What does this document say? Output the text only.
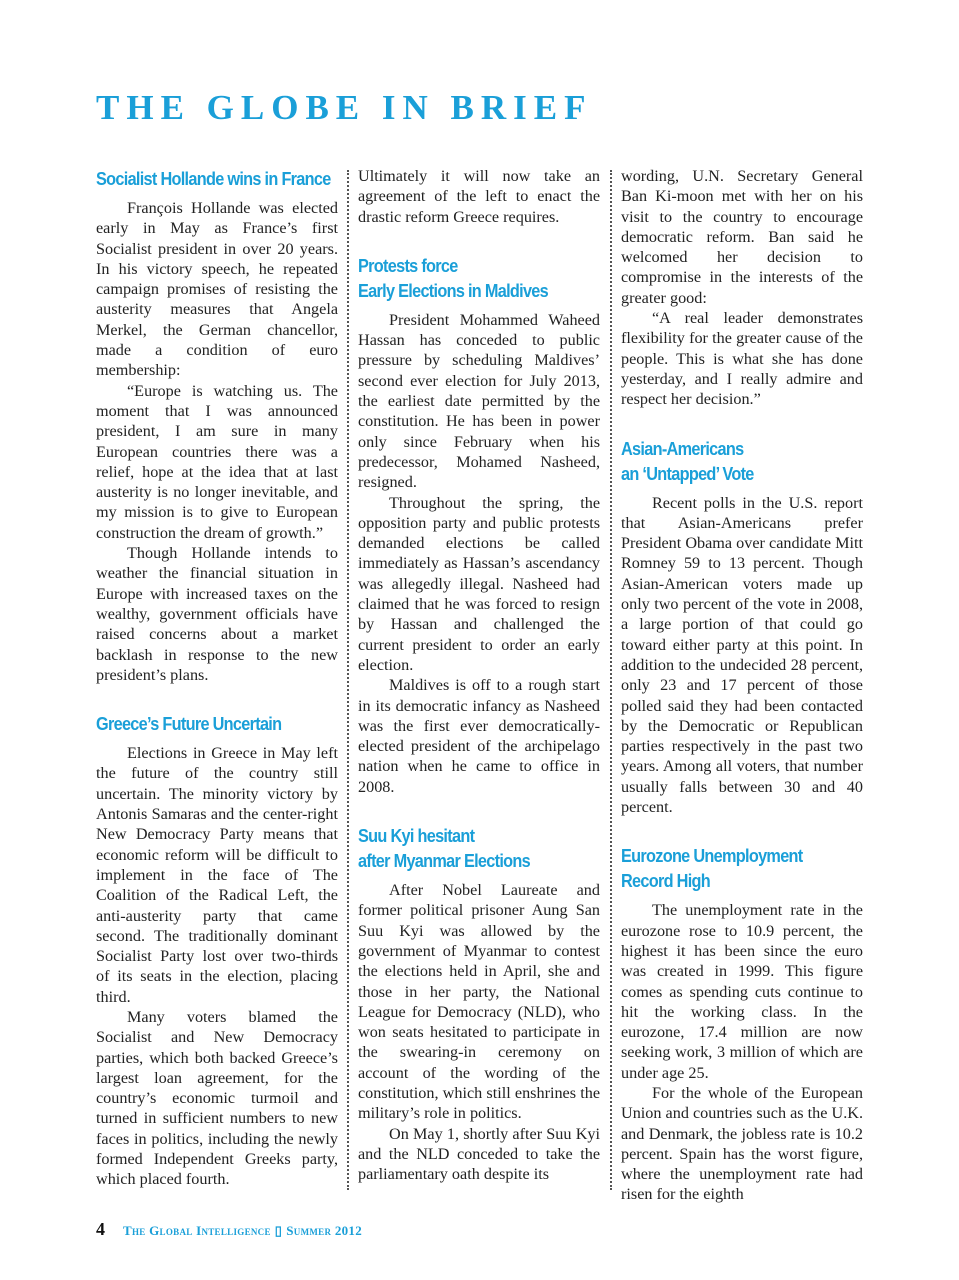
THE GLOBE IN BRIEF
Socialist Hollande wins in France

François Hollande was elected early in May as France’s first Socialist president in over 20 years. In his victory speech, he repeated campaign promises of resisting the austerity measures that Angela Merkel, the German chancellor, made a condition of euro membership:

“Europe is watching us. The moment that I was announced president, I am sure in many European countries there was a relief, hope at the idea that at last austerity is no longer inevitable, and my mission is to give to European construction the dream of growth.”

Though Hollande intends to weather the financial situation in Europe with increased taxes on the wealthy, government officials have raised concerns about a market backlash in response to the new president’s plans.

Greece’s Future Uncertain

Elections in Greece in May left the future of the country still uncertain. The minority victory by Antonis Samaras and the center-right New Democracy Party means that economic reform will be difficult to implement in the face of The Coalition of the Radical Left, the anti-austerity party that came second. The traditionally dominant Socialist Party lost over two-thirds of its seats in the election, placing third.

Many voters blamed the Socialist and New Democracy parties, which both backed Greece’s largest loan agreement, for the country’s economic turmoil and turned in sufficient numbers to new faces in politics, including the newly formed Independent Greeks party, which placed fourth.

Ultimately it will now take an agreement of the left to enact the drastic reform Greece requires.

Protests force
Early Elections in Maldives

President Mohammed Waheed Hassan has conceded to public pressure by scheduling Maldives’ second ever election for July 2013, the earliest date permitted by the constitution. He has been in power only since February when his predecessor, Mohamed Nasheed, resigned.

Throughout the spring, the opposition party and public protests demanded elections be called immediately as Hassan’s ascendancy was allegedly illegal. Nasheed had claimed that he was forced to resign by Hassan and challenged the current president to order an early election.

Maldives is off to a rough start in its democratic infancy as Nasheed was the first ever democratically-elected president of the archipelago nation when he came to office in 2008.

Suu Kyi hesitant
after Myanmar Elections

After Nobel Laureate and former political prisoner Aung San Suu Kyi was allowed by the government of Myanmar to contest the elections held in April, she and those in her party, the National League for Democracy (NLD), who won seats hesitated to participate in the swearing-in ceremony on account of the wording of the constitution, which still enshrines the military’s role in politics.

On May 1, shortly after Suu Kyi and the NLD conceded to take the parliamentary oath despite its

wording, U.N. Secretary General Ban Ki-moon met with her on his visit to the country to encourage democratic reform. Ban said he welcomed her decision to compromise in the interests of the greater good:

“A real leader demonstrates flexibility for the greater cause of the people. This is what she has done yesterday, and I really admire and respect her decision.”

Asian-Americans
an ‘Untapped’ Vote

Recent polls in the U.S. report that Asian-Americans prefer President Obama over candidate Mitt Romney 59 to 13 percent. Though Asian-American voters made up only two percent of the vote in 2008, a large portion of that could go toward either party at this point. In addition to the undecided 28 percent, only 23 and 17 percent of those polled said they had been contacted by the Democratic or Republican parties respectively in the past two years. Among all voters, that number usually falls between 30 and 40 percent.

Eurozone Unemployment
Record High

The unemployment rate in the eurozone rose to 10.9 percent, the highest it has been since the euro was created in 1999. This figure comes as spending cuts continue to hit the working class. In the eurozone, 17.4 million are now seeking work, 3 million of which are under age 25.

For the whole of the European Union and countries such as the U.K. and Denmark, the jobless rate is 10.2 percent. Spain has the worst figure, where the unemployment rate had risen for the eighth

4 The Global Intelligence ▯ Summer 2012
